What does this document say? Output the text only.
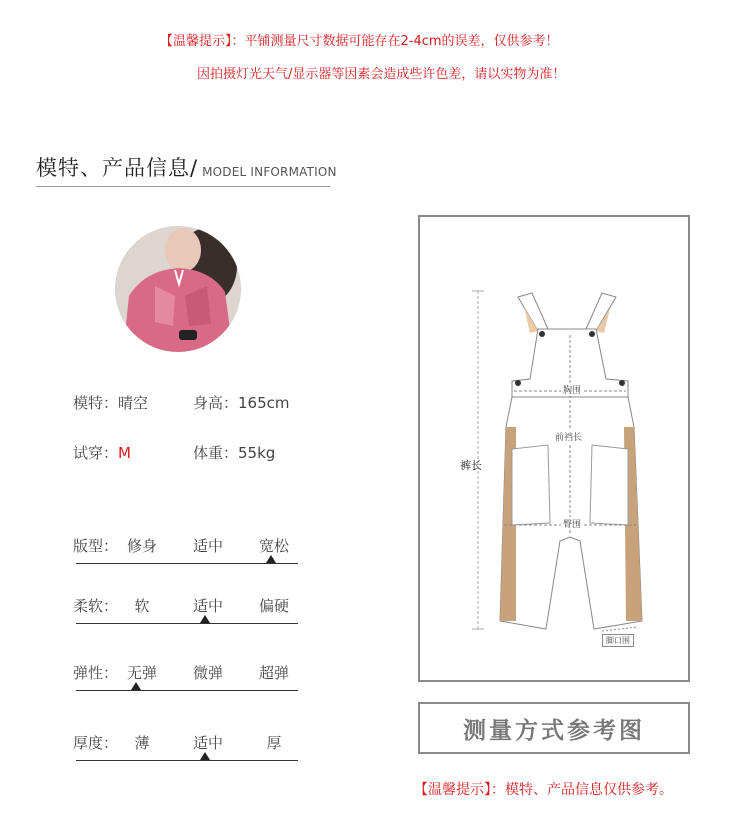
【温馨提示】：平铺测量尺寸数据可能存在2-4cm的误差，仅供参考！
因拍摄灯光天气/显示器等因素会造成些许色差，请以实物为准！
模特、产品信息/ MODEL INFORMATION
模特：晴空	身高：165cm
试穿：M	体重：55kg
版型： 修身 适中 宽松
柔软：	软	适中 偏硬
弹性： 无弹 微弹 超弹
厚度：	薄	适中	厚
裤长
胸围
前裆长
臀围
脚口围
测量方式参考图
【温馨提示】：模特、产品信息仅供参考。
